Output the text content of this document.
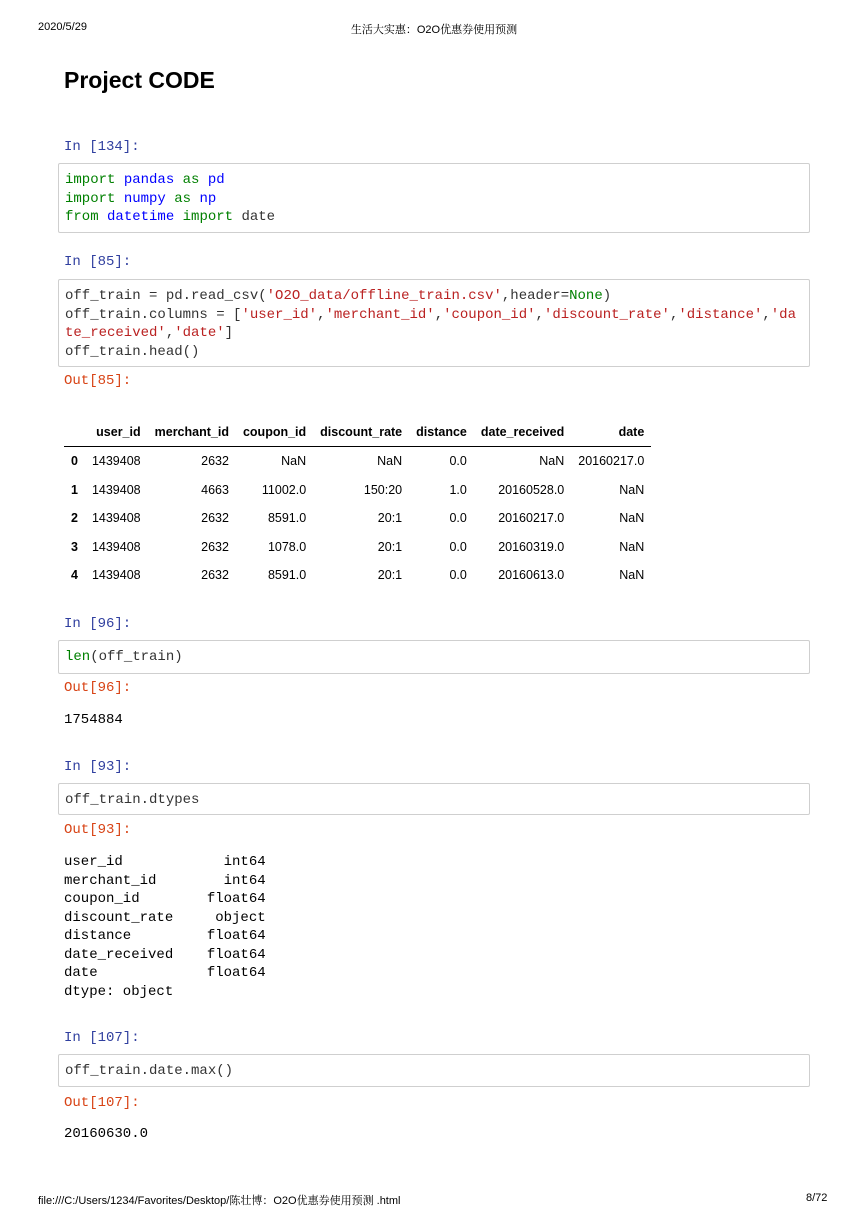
2020/5/29	生活大实惠：O2O优惠券使用预测
file:///C:/Users/1234/Favorites/Desktop/陈壮博：O2O优惠券使用预测 .html	8/72
Project CODE
In [134]:
import pandas as pd
import numpy as np
from datetime import date
In [85]:
off_train = pd.read_csv('O2O_data/offline_train.csv',header=None)
off_train.columns = ['user_id','merchant_id','coupon_id','discount_rate','distance','date_received','date']
off_train.head()
Out[85]:
	user_id	merchant_id	coupon_id	discount_rate	distance	date_received	date
0	1439408	2632	NaN	NaN	0.0	NaN	20160217.0
1	1439408	4663	11002.0	150:20	1.0	20160528.0	NaN
2	1439408	2632	8591.0	20:1	0.0	20160217.0	NaN
3	1439408	2632	1078.0	20:1	0.0	20160319.0	NaN
4	1439408	2632	8591.0	20:1	0.0	20160613.0	NaN
In [96]:
len(off_train)
Out[96]:
1754884
In [93]:
off_train.dtypes
Out[93]:
user_id            int64
merchant_id        int64
coupon_id        float64
discount_rate     object
distance         float64
date_received    float64
date             float64
dtype: object
In [107]:
off_train.date.max()
Out[107]:
20160630.0
